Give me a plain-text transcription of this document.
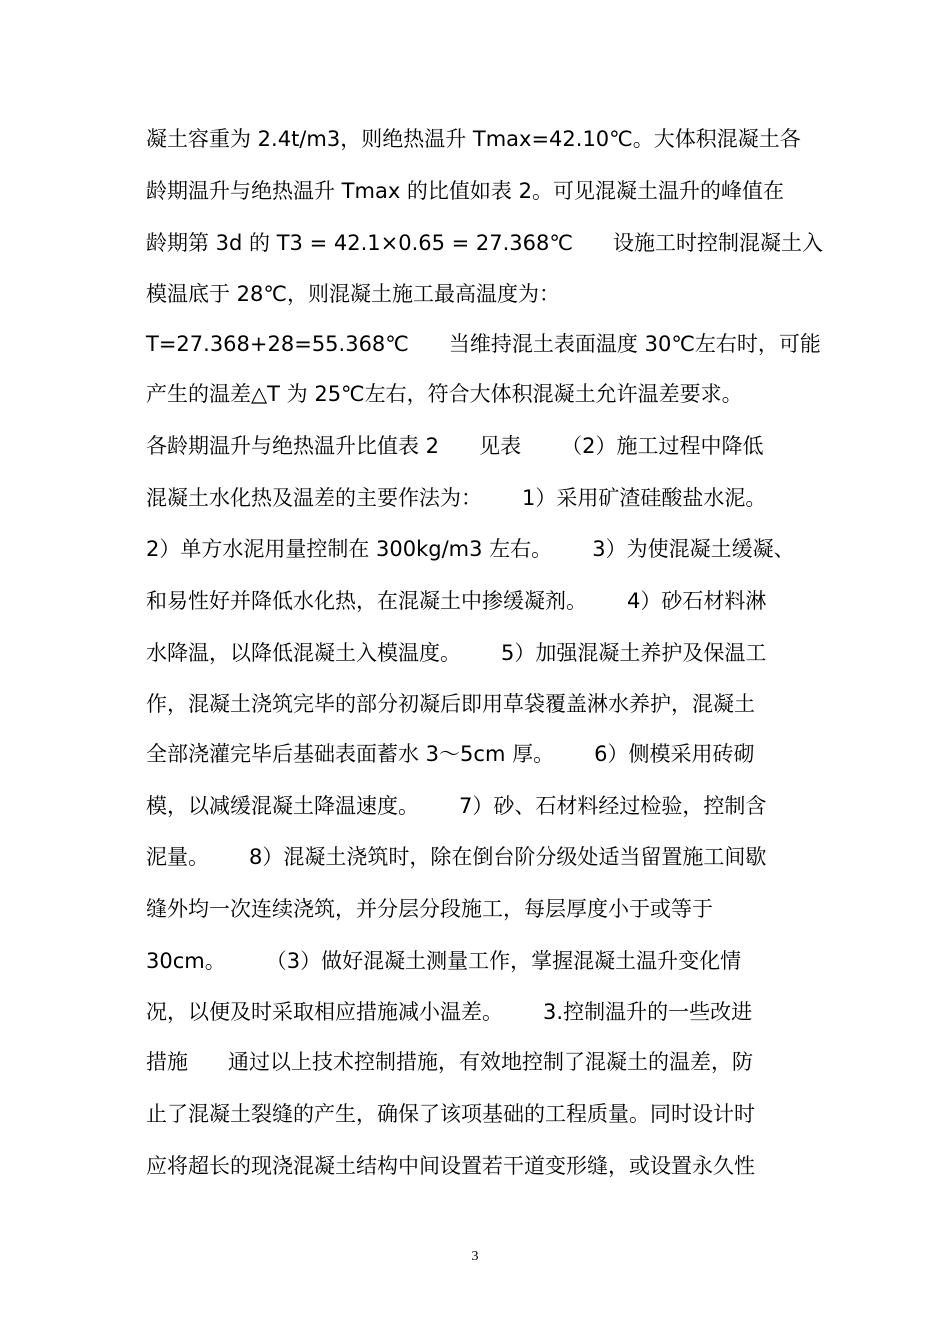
凝土容重为 2.4t/m3，则绝热温升 Tmax=42.10℃。大体积混凝土各
龄期温升与绝热温升 Tmax 的比值如表 2。可见混凝土温升的峰值在
龄期第 3d 的 T3 = 42.1×0.65 = 27.368℃      设施工时控制混凝土入
模温底于 28℃，则混凝土施工最高温度为：
T=27.368+28=55.368℃      当维持混土表面温度 30℃左右时，可能
产生的温差△T 为 25℃左右，符合大体积混凝土允许温差要求。
各龄期温升与绝热温升比值表 2      见表      （2）施工过程中降低
混凝土水化热及温差的主要作法为：      1）采用矿渣硅酸盐水泥。
2）单方水泥用量控制在 300kg/m3 左右。      3）为使混凝土缓凝、
和易性好并降低水化热，在混凝土中掺缓凝剂。      4）砂石材料淋
水降温，以降低混凝土入模温度。      5）加强混凝土养护及保温工
作，混凝土浇筑完毕的部分初凝后即用草袋覆盖淋水养护，混凝土
全部浇灌完毕后基础表面蓄水 3～5cm 厚。      6）侧模采用砖砌
模，以减缓混凝土降温速度。      7）砂、石材料经过检验，控制含
泥量。      8）混凝土浇筑时，除在倒台阶分级处适当留置施工间歇
缝外均一次连续浇筑，并分层分段施工，每层厚度小于或等于
30cm。      （3）做好混凝土测量工作，掌握混凝土温升变化情
况，以便及时采取相应措施减小温差。      3.控制温升的一些改进
措施      通过以上技术控制措施，有效地控制了混凝土的温差，防
止了混凝土裂缝的产生，确保了该项基础的工程质量。同时设计时
应将超长的现浇混凝土结构中间设置若干道变形缝，或设置永久性
3
